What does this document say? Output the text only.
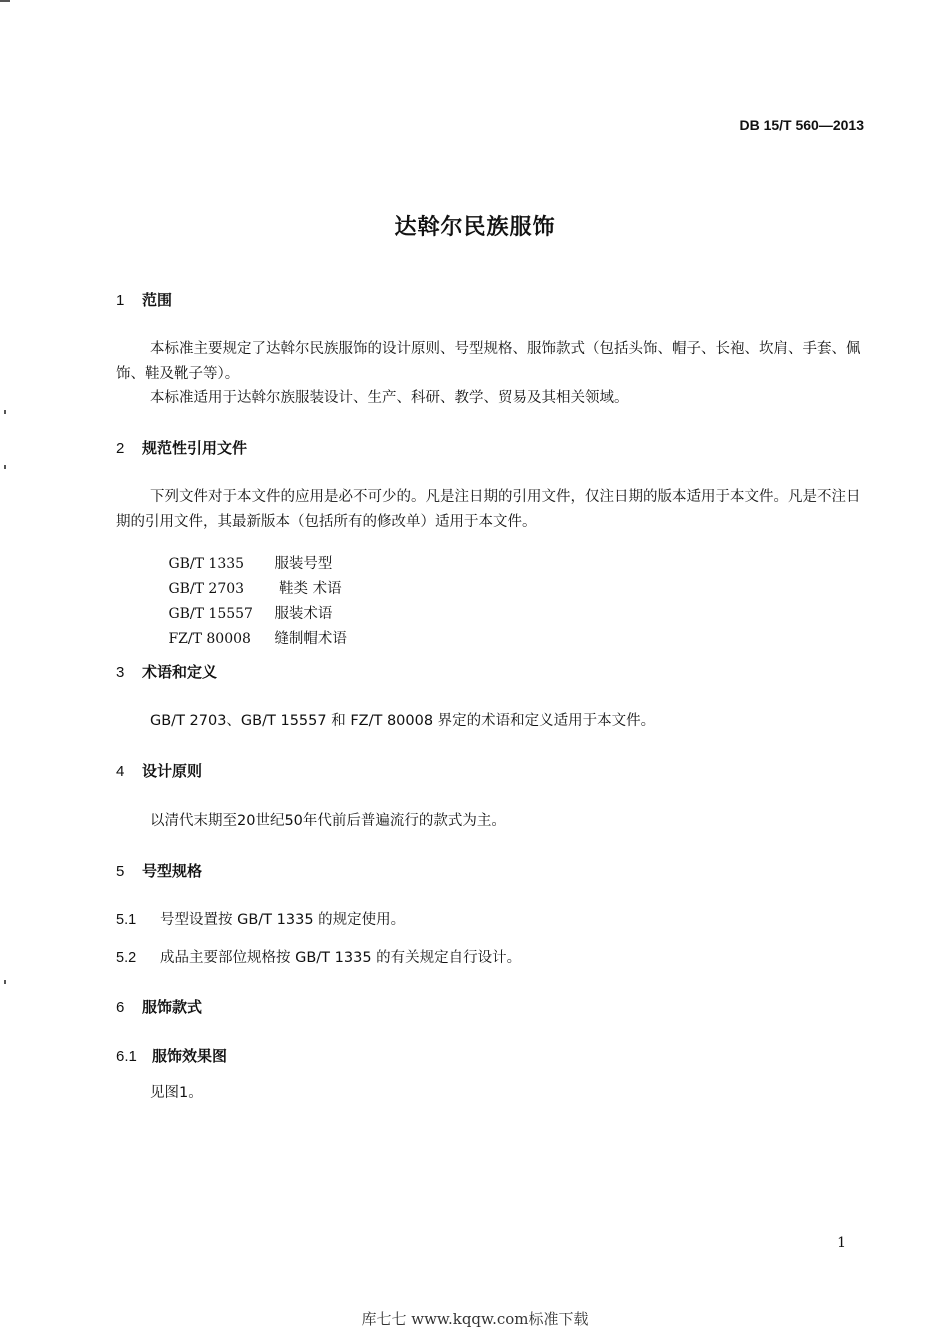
DB 15/T 560—2013
达斡尔民族服饰
1 范围
本标准主要规定了达斡尔民族服饰的设计原则、号型规格、服饰款式（包括头饰、帽子、长袍、坎肩、手套、佩饰、鞋及靴子等）。
本标准适用于达斡尔族服装设计、生产、科研、教学、贸易及其相关领域。
2 规范性引用文件
下列文件对于本文件的应用是必不可少的。凡是注日期的引用文件，仅注日期的版本适用于本文件。凡是不注日期的引用文件，其最新版本（包括所有的修改单）适用于本文件。

GB/T 1335 服装号型

GB/T 2703 鞋类 术语

GB/T 15557 服装术语

FZ/T 80008 缝制帽术语

3 术语和定义
GB/T 2703、GB/T 15557 和 FZ/T 80008 界定的术语和定义适用于本文件。
4 设计原则
以清代末期至20世纪50年代前后普遍流行的款式为主。
5 号型规格
5.1 号型设置按 GB/T 1335 的规定使用。
5.2 成品主要部位规格按 GB/T 1335 的有关规定自行设计。
6 服饰款式
6.1 服饰效果图
见图1。
1
库七七 www.kqqw.com标准下载
